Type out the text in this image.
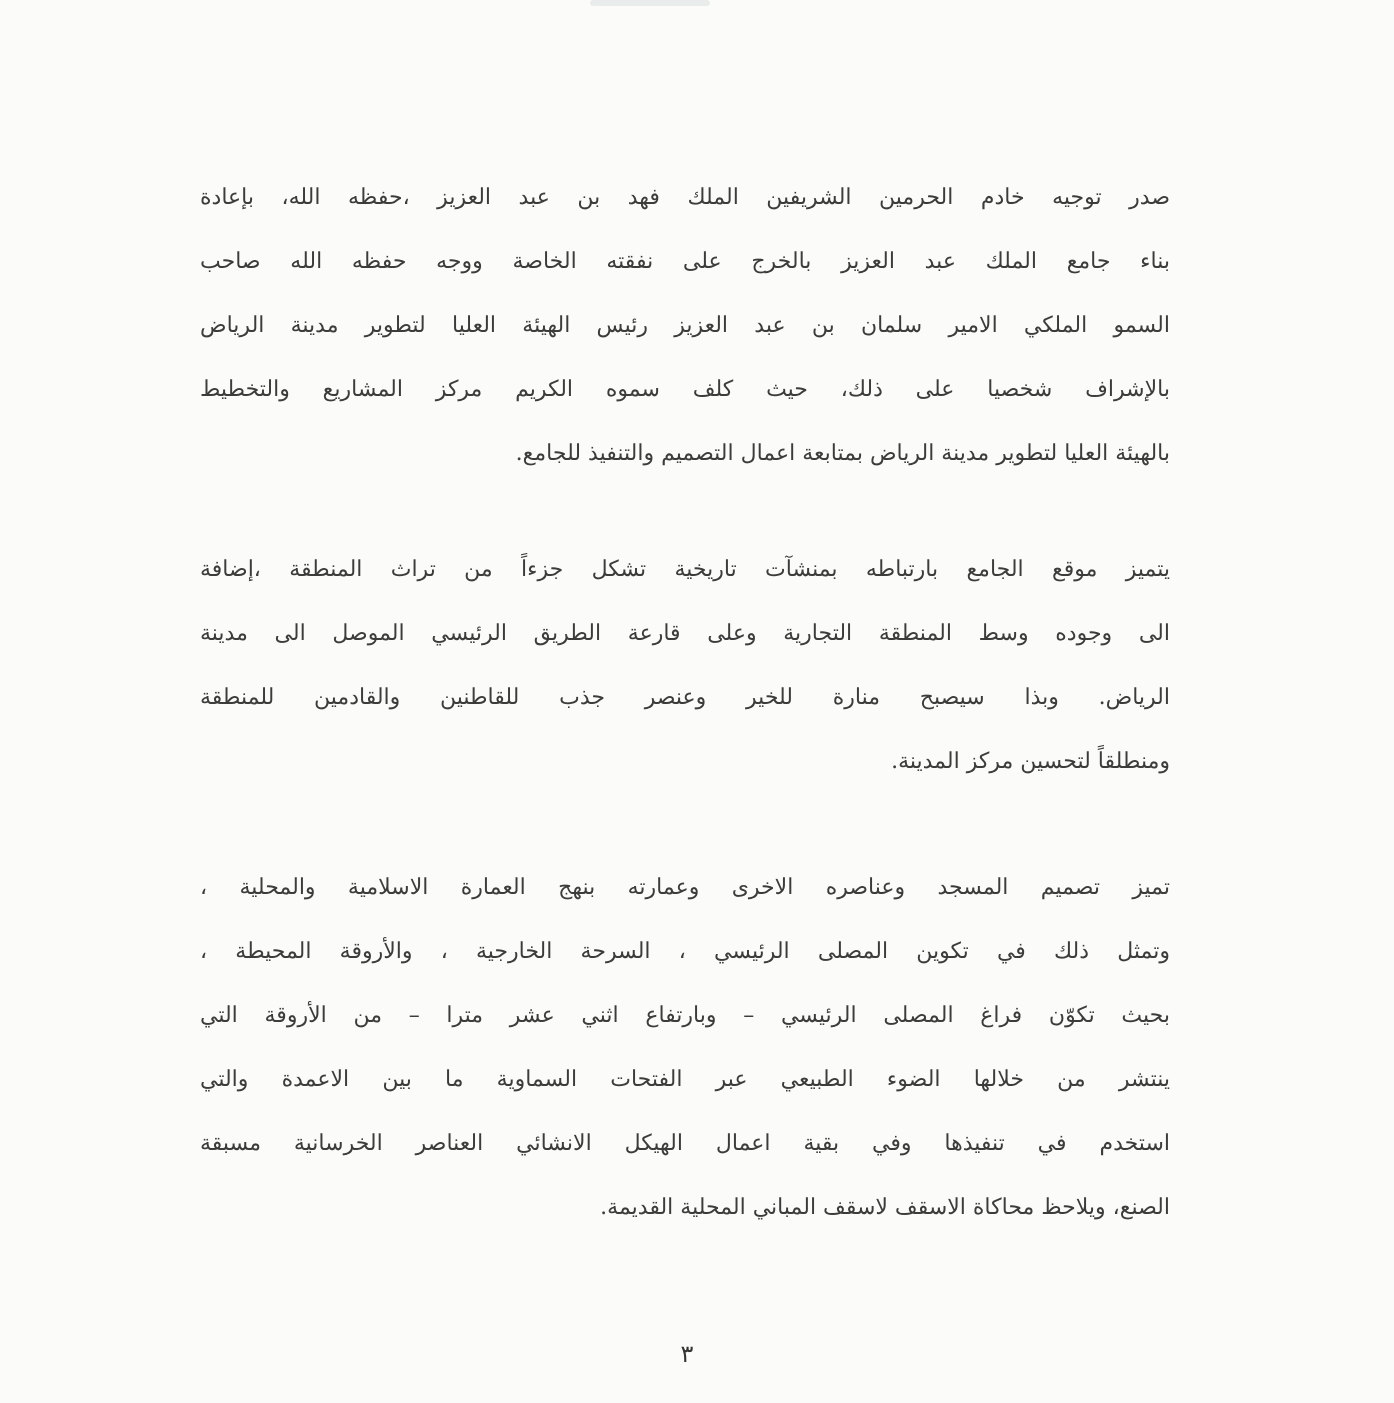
صدر توجيه خادم الحرمين الشريفين الملك فهد بن عبد العزيز ،حفظه الله، بإعادة
بناء جامع الملك عبد العزيز بالخرج على نفقته الخاصة ووجه حفظه الله صاحب
السمو الملكي الامير سلمان بن عبد العزيز رئيس الهيئة العليا لتطوير مدينة الرياض
بالإشراف شخصيا على ذلك، حيث كلف سموه الكريم مركز المشاريع والتخطيط
بالهيئة العليا لتطوير مدينة الرياض بمتابعة اعمال التصميم والتنفيذ للجامع.
يتميز موقع الجامع بارتباطه بمنشآت تاريخية تشكل جزءاً من تراث المنطقة ،إضافة
الى وجوده وسط المنطقة التجارية وعلى قارعة الطريق الرئيسي الموصل الى مدينة
الرياض. وبذا سيصبح منارة للخير وعنصر جذب للقاطنين والقادمين للمنطقة
ومنطلقاً لتحسين مركز المدينة.
تميز تصميم المسجد وعناصره الاخرى وعمارته بنهج العمارة الاسلامية والمحلية ،
وتمثل ذلك في تكوين المصلى الرئيسي ، السرحة الخارجية ، والأروقة المحيطة ،
بحيث تكوّن فراغ المصلى الرئيسي – وبارتفاع اثني عشر مترا – من الأروقة التي
ينتشر من خلالها الضوء الطبيعي عبر الفتحات السماوية ما بين الاعمدة والتي
استخدم في تنفيذها وفي بقية اعمال الهيكل الانشائي العناصر الخرسانية مسبقة
الصنع، ويلاحظ محاكاة الاسقف لاسقف المباني المحلية القديمة.
٣
